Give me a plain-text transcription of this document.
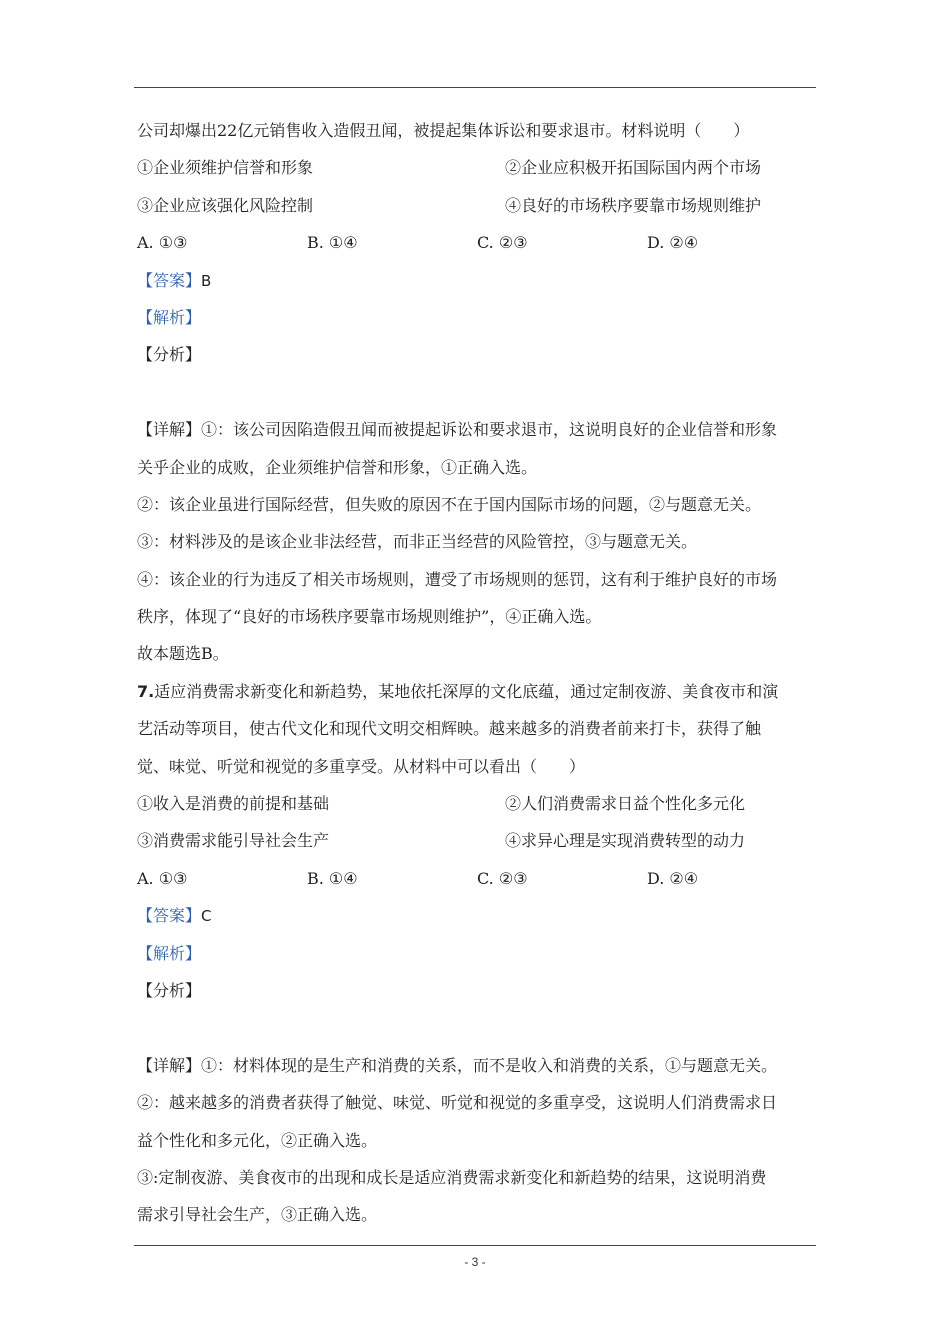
公司却爆出22亿元销售收入造假丑闻，被提起集体诉讼和要求退市。材料说明（　　）
①企业须维护信誉和形象	②企业应积极开拓国际国内两个市场
③企业应该强化风险控制	④良好的市场秩序要靠市场规则维护
A. ①③	B. ①④	C. ②③	D. ②④
【答案】B
【解析】
【分析】
【详解】①：该公司因陷造假丑闻而被提起诉讼和要求退市，这说明良好的企业信誉和形象
关乎企业的成败，企业须维护信誉和形象，①正确入选。
②：该企业虽进行国际经营，但失败的原因不在于国内国际市场的问题，②与题意无关。
③：材料涉及的是该企业非法经营，而非正当经营的风险管控，③与题意无关。
④：该企业的行为违反了相关市场规则，遭受了市场规则的惩罚，这有利于维护良好的市场
秩序，体现了“良好的市场秩序要靠市场规则维护”，④正确入选。
故本题选B。
7.适应消费需求新变化和新趋势，某地依托深厚的文化底蕴，通过定制夜游、美食夜市和演
艺活动等项目，使古代文化和现代文明交相辉映。越来越多的消费者前来打卡，获得了触
觉、味觉、听觉和视觉的多重享受。从材料中可以看出（　　）
①收入是消费的前提和基础	②人们消费需求日益个性化多元化
③消费需求能引导社会生产	④求异心理是实现消费转型的动力
A. ①③	B. ①④	C. ②③	D. ②④
【答案】C
【解析】
【分析】
【详解】①：材料体现的是生产和消费的关系，而不是收入和消费的关系，①与题意无关。
②：越来越多的消费者获得了触觉、味觉、听觉和视觉的多重享受，这说明人们消费需求日
益个性化和多元化，②正确入选。
③:定制夜游、美食夜市的出现和成长是适应消费需求新变化和新趋势的结果，这说明消费
需求引导社会生产，③正确入选。
- 3 -
